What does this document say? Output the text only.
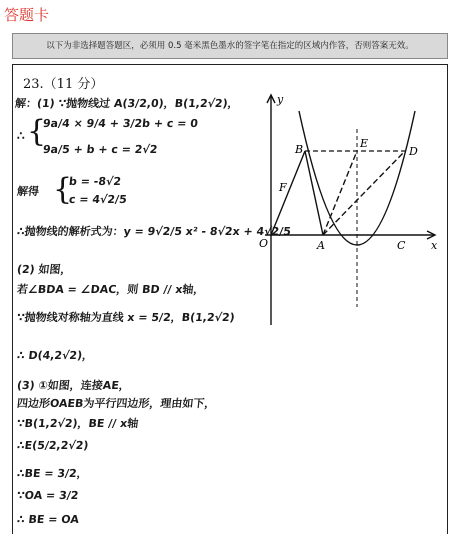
答题卡
以下为非选择题答题区，必须用 0.5 毫米黑色墨水的签字笔在指定的区域内作答，否则答案无效。
23.（11 分）
解：(1) ∵抛物线过 A(3/2,0)，B(1,2√2)，
∴ {
9a/4 × 9/4 + 3/2b + c = 0
9a/5 + b + c = 2√2
解得 {
b = -8√2
c = 4√2/5
∴抛物线的解析式为：y = 9√2/5 x² - 8√2x + 4√2/5
(2) 如图，
若∠BDA = ∠DAC，则 BD // x轴，
∵抛物线对称轴为直线 x = 5/2，B(1,2√2)
∴ D(4,2√2)，
(3) ①如图，连接AE，
四边形OAEB为平行四边形，理由如下，
∵B(1,2√2)，BE // x轴
∴E(5/2,2√2)
∴BE = 3/2，
∵OA = 3/2
∴ BE = OA
y
x
O	A
B
C
D
E
F
